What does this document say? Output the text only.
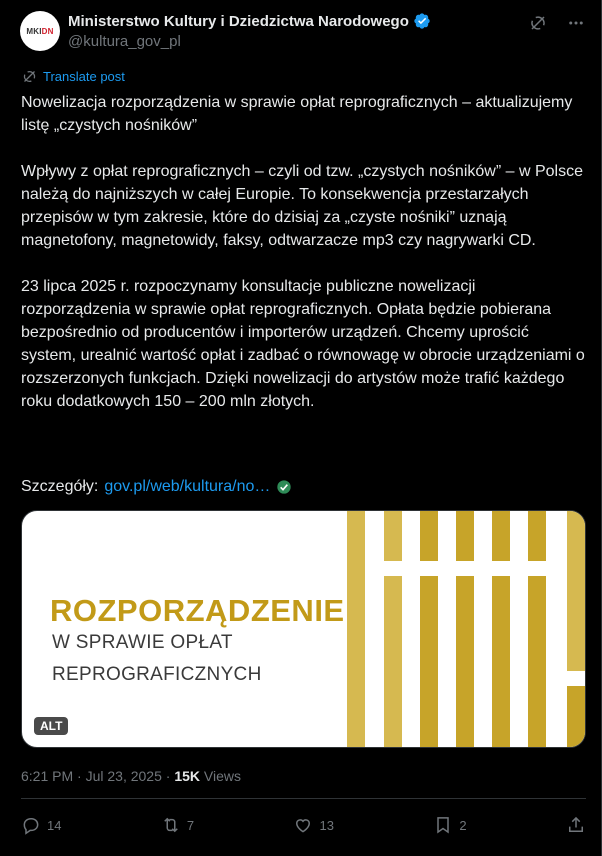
MKI DN
Ministerstwo Kultury i Dziedzictwa Narodowego
@kultura_gov_pl
Translate post
Nowelizacja rozporządzenia w sprawie opłat reprograficznych – aktualizujemy listę „czystych nośników”
Wpływy z opłat reprograficznych – czyli od tzw. „czystych nośników” – w Polsce należą do najniższych w całej Europie. To konsekwencja przestarzałych przepisów w tym zakresie, które do dzisiaj za „czyste nośniki” uznają magnetofony, magnetowidy, faksy, odtwarzacze mp3 czy nagrywarki CD.
23 lipca 2025 r. rozpoczynamy konsultacje publiczne nowelizacji rozporządzenia w sprawie opłat reprograficznych. Opłata będzie pobierana bezpośrednio od producentów i importerów urządzeń. Chcemy uprościć system, urealnić wartość opłat i zadbać o równowagę w obrocie urządzeniami o rozszerzonych funkcjach. Dzięki nowelizacji do artystów może trafić każdego roku dodatkowych 150 – 200 mln złotych.
Szczegóły: gov.pl/web/kultura/no…
ROZPORZĄDZENIE
W SPRAWIE OPŁAT
REPROGRAFICZNYCH
ALT
6:21 PM · Jul 23, 2025 · 15K Views
14	7	13	2
